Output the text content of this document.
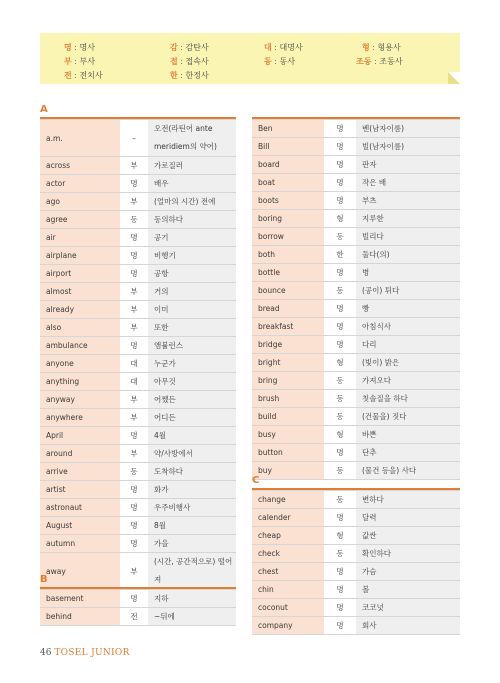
명 : 명사	감 : 감탄사	대 : 대명사	형 : 형용사
부 : 부사	접 : 접속사	동 : 동사	조동 : 조동사
전 : 전치사	한 : 한정사
A
a.m.	–	오전(라틴어 ante meridiem의 약어)
across	부	가로질러
actor	명	배우
ago	부	(얼마의 시간) 전에
agree	동	동의하다
air	명	공기
airplane	명	비행기
airport	명	공항
almost	부	거의
already	부	이미
also	부	또한
ambulance	명	앰뷸런스
anyone	대	누군가
anything	대	아무것
anyway	부	어쨌든
anywhere	부	어디든
April	명	4월
around	부	약/사방에서
arrive	동	도착하다
artist	명	화가
astronaut	명	우주비행사
August	명	8월
autumn	명	가을
away	부	(시간, 공간적으로) 떨어져
B
basement	명	지하
behind	전	~뒤에
Ben	명	벤(남자이름)
Bill	명	빌(남자이름)
board	명	판자
boat	명	작은 배
boots	명	부츠
boring	형	지루한
borrow	동	빌리다
both	한	둘다(의)
bottle	명	병
bounce	동	(공이) 튀다
bread	명	빵
breakfast	명	아침식사
bridge	명	다리
bright	형	(빛이) 밝은
bring	동	가져오다
brush	동	칫솔질을 하다
build	동	(건물을) 짓다
busy	형	바쁜
button	명	단추
buy	동	(물건 등을) 사다
C
change	동	변하다
calender	명	달력
cheap	형	값싼
check	동	확인하다
chest	명	가슴
chin	명	볼
coconut	명	코코넛
company	명	회사
46 TOSEL JUNIOR
